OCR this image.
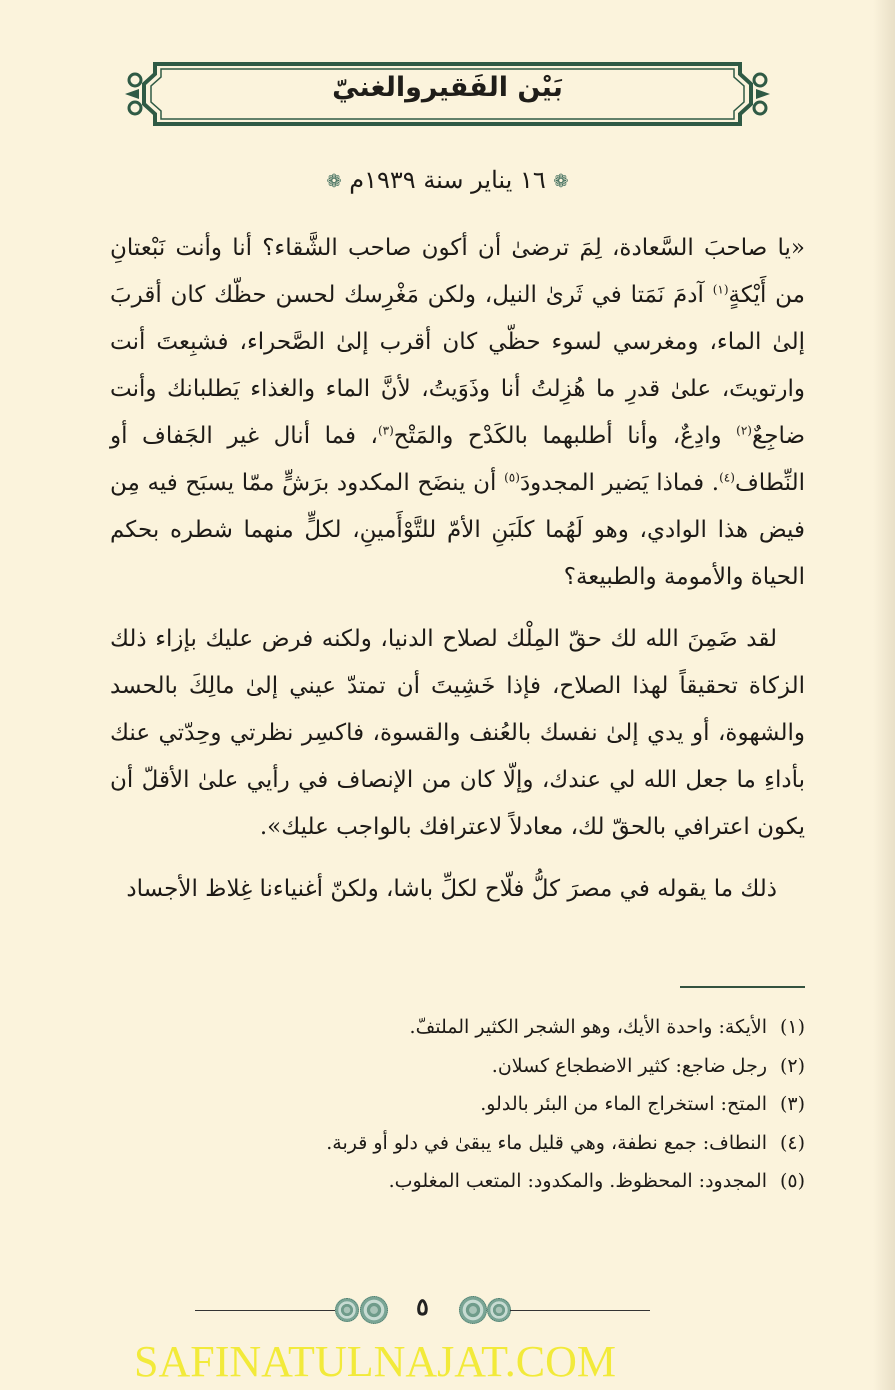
بَيْن الفَقيروالغنيّ
❁ ١٦ يناير سنة ١٩٣٩م ❁

«يا صاحبَ السَّعادة، لِمَ ترضىٰ أن أكون صاحب الشَّقاء؟ أنا وأنت نَبْعتانِ من أَيْكةٍ$^{(١)}$ آدمَ نَمَتا في ثَرىٰ النيل، ولكن مَغْرِسك لحسن حظّك كان أقربَ إلىٰ الماء، ومغرسي لسوء حظّي كان أقرب إلىٰ الصَّحراء، فشبِعتَ أنت وارتويتَ، علىٰ قدرِ ما هُزِلتُ أنا وذَوَيتُ، لأنَّ الماء والغذاء يَطلبانك وأنت ضاجِعٌ$^{(٢)}$ وادِعٌ، وأنا أطلبهما بالكَدْح والمَتْح$^{(٣)}$، فما أنال غير الجَفاف أو النِّطاف$^{(٤)}$. فماذا يَضير المجدودَ$^{(٥)}$ أن ينضَح المكدود برَشٍّ ممّا يسبَح فيه مِن فيض هذا الوادي، وهو لَهُما كلَبَنِ الأمّ للتَّوْأَمينِ، لكلٍّ منهما شطره بحكم الحياة والأمومة والطبيعة؟

لقد ضَمِنَ الله لك حقّ المِلْك لصلاح الدنيا، ولكنه فرض عليك بإزاء ذلك الزكاة تحقيقاً لهذا الصلاح، فإذا خَشِيتَ أن تمتدّ عيني إلىٰ مالِكَ بالحسد والشهوة، أو يدي إلىٰ نفسك بالعُنف والقسوة، فاكسِر نظرتي وحِدّتي عنك بأداءِ ما جعل الله لي عندك، وإلّا كان من الإنصاف في رأيي علىٰ الأقلّ أن يكون اعترافي بالحقّ لك، معادلاً لاعترافك بالواجب عليك».

ذلك ما يقوله في مصرَ كلُّ فلّاح لكلِّ باشا، ولكنّ أغنياءنا غِلاظ الأجساد

(١)الأيكة: واحدة الأيك، وهو الشجر الكثير الملتفّ.
(٢)رجل ضاجع: كثير الاضطجاع كسلان.
(٣)المتح: استخراج الماء من البئر بالدلو.
(٤)النطاف: جمع نطفة، وهي قليل ماء يبقىٰ في دلو أو قربة.
(٥)المجدود: المحظوظ. والمكدود: المتعب المغلوب.
٥
SAFINATULNAJAT.COM
